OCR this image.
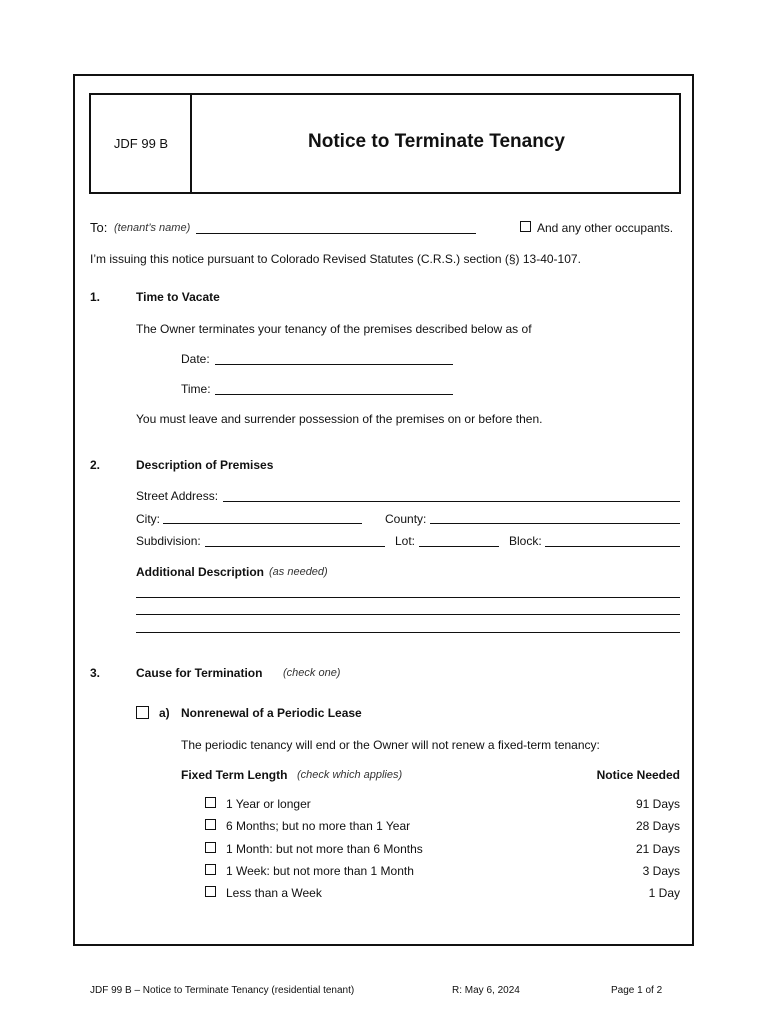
JDF 99 B	Notice to Terminate Tenancy
To: (tenant’s name)	And any other occupants.
I’m issuing this notice pursuant to Colorado Revised Statutes (C.R.S.) section (§) 13-40-107.
1.	Time to Vacate
The Owner terminates your tenancy of the premises described below as of
Date:
Time:
You must leave and surrender possession of the premises on or before then.
2.	Description of Premises
Street Address:
City:	County:
Subdivision:	Lot:	Block:
Additional Description (as needed)
3.	Cause for Termination (check one)
a) Nonrenewal of a Periodic Lease
The periodic tenancy will end or the Owner will not renew a fixed-term tenancy:
Fixed Term Length (check which applies)	Notice Needed
1 Year or longer	91 Days
6 Months; but no more than 1 Year	28 Days
1 Month: but not more than 6 Months	21 Days
1 Week: but not more than 1 Month	3 Days
Less than a Week	1 Day
JDF 99 B – Notice to Terminate Tenancy (residential tenant)	R: May 6, 2024	Page 1 of 2
